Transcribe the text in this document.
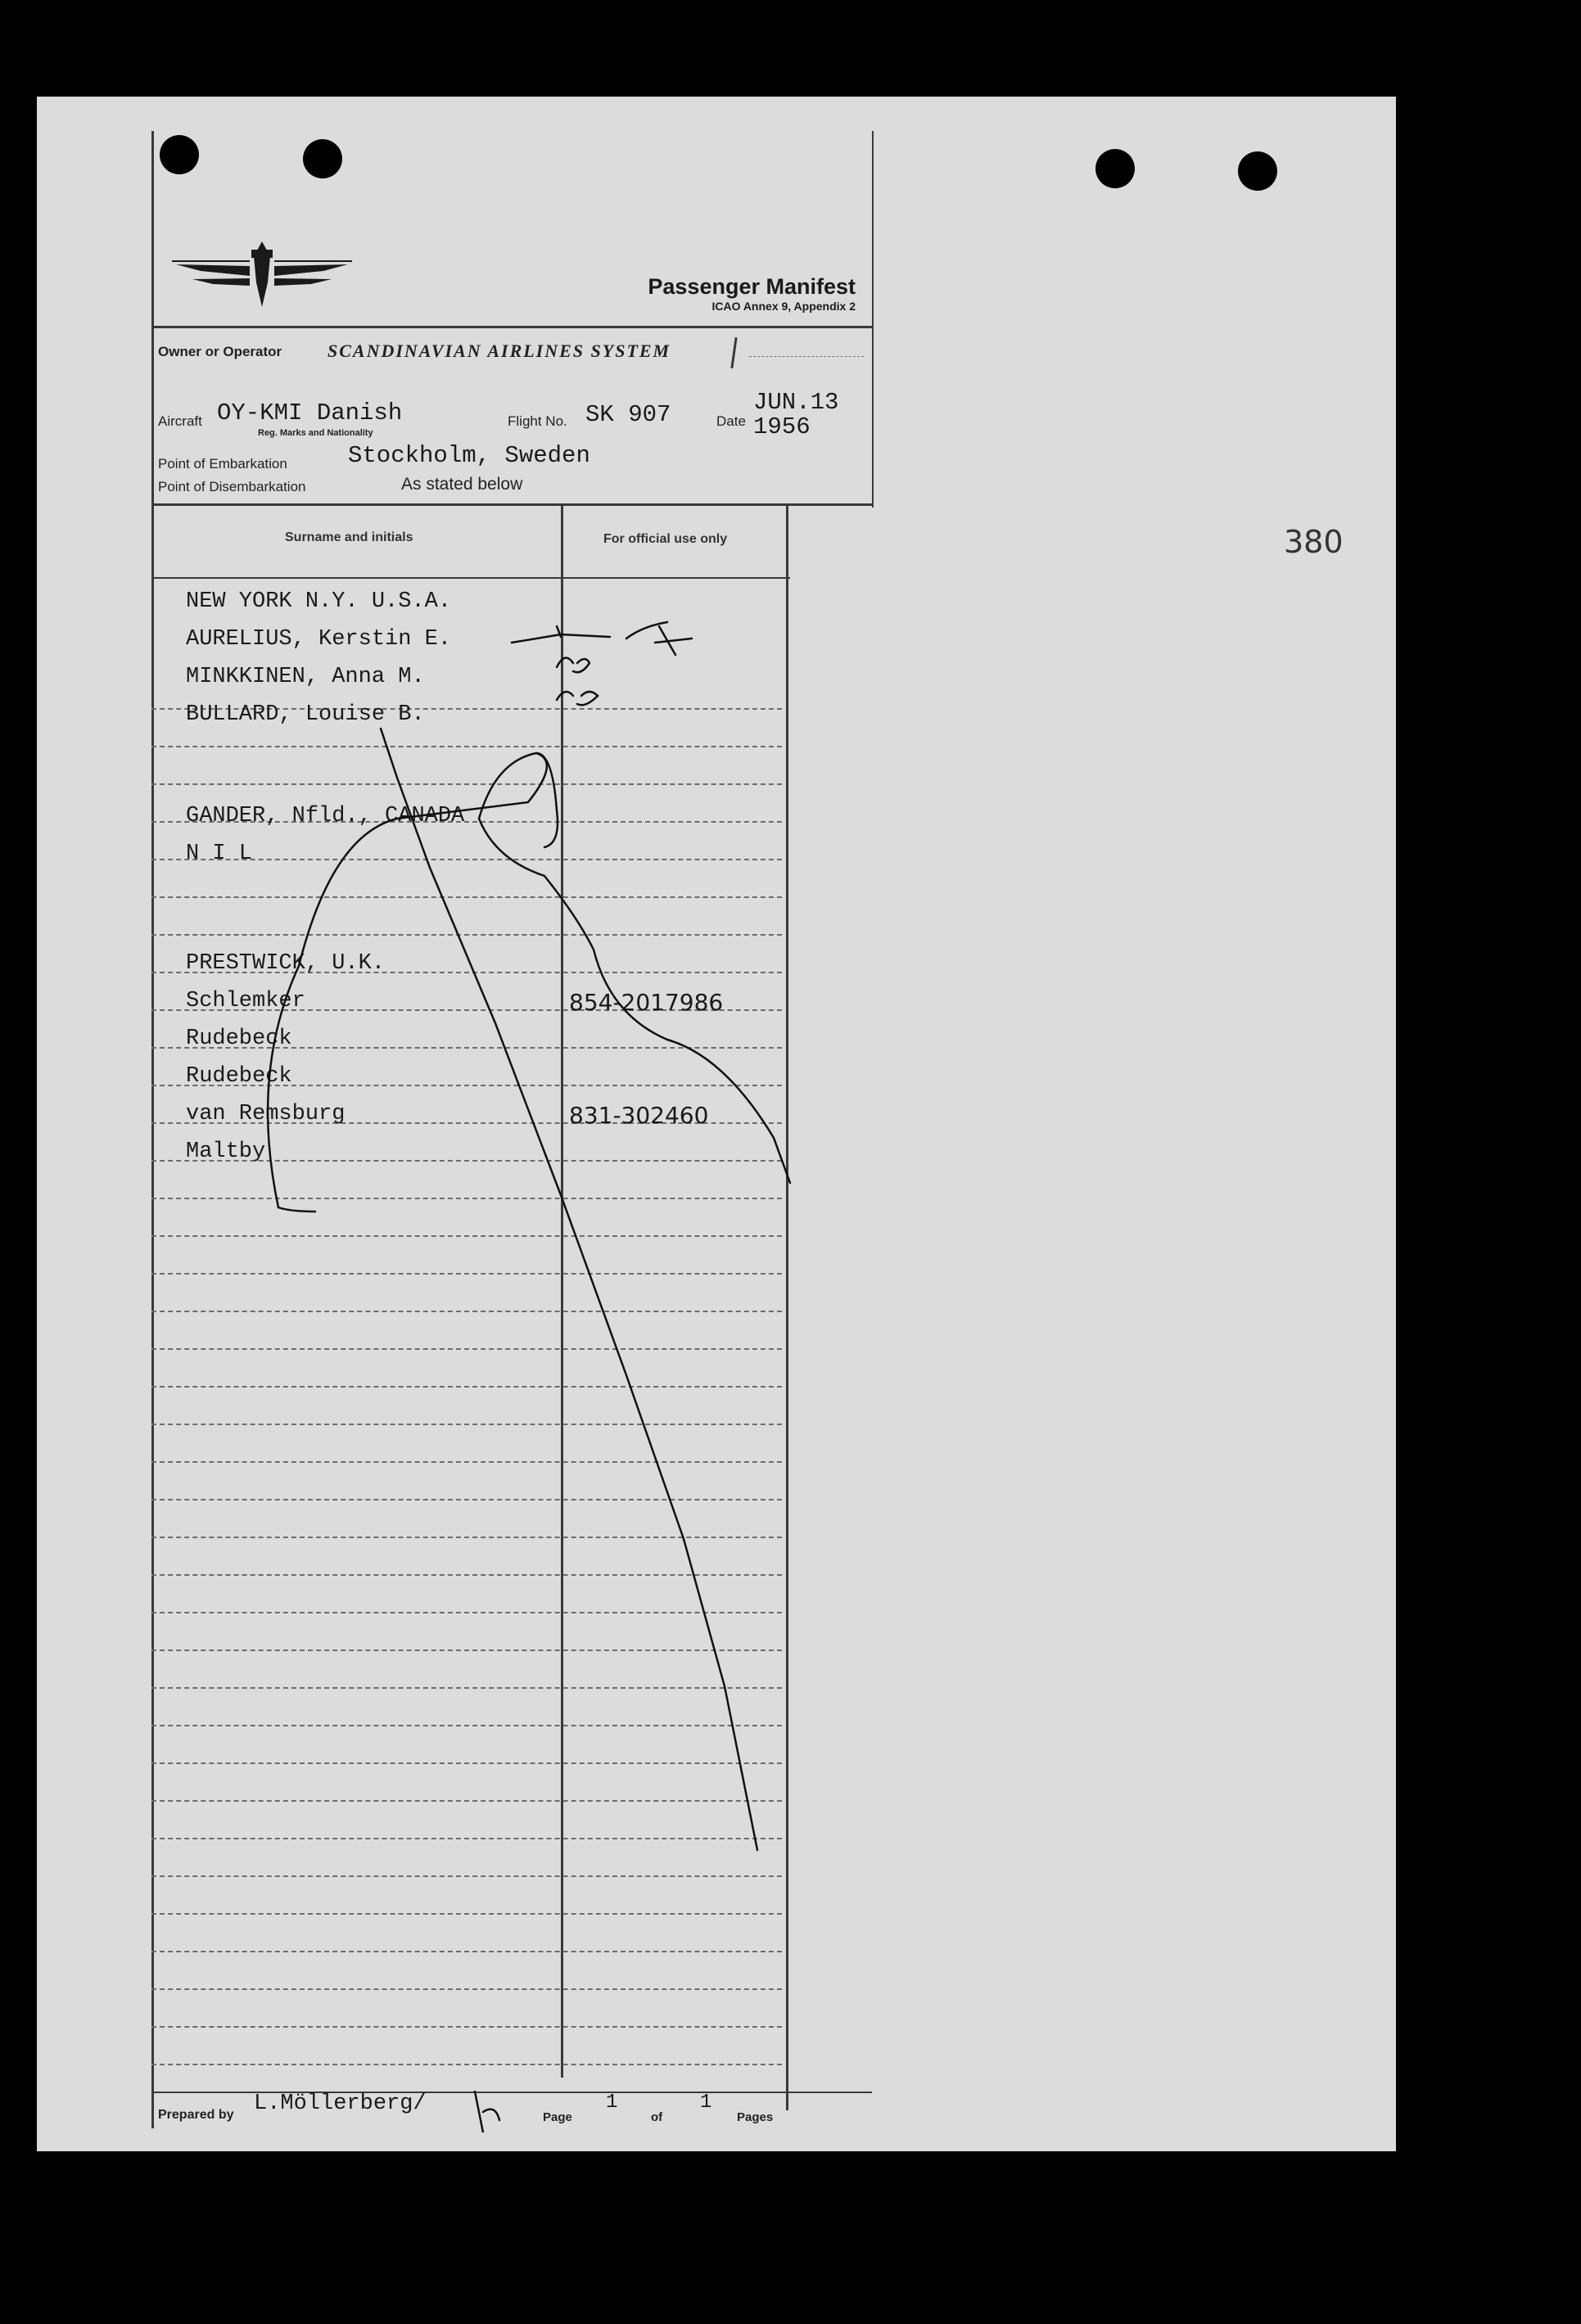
380
Passenger Manifest
ICAO Annex 9, Appendix 2
Owner or Operator	SCANDINAVIAN AIRLINES SYSTEM
Aircraft OY-KMI Danish
Reg. Marks and Nationality
Flight No. SK 907	Date
JUN.13
1956
Point of Embarkation	Stockholm, Sweden
Point of Disembarkation	As stated below
Surname and initials	For official use only
NEW YORK N.Y. U.S.A.
AURELIUS, Kerstin E.
MINKKINEN, Anna M.
BULLARD, Louise B.
GANDER, Nfld., CANADA
N I L
PRESTWICK, U.K.
Schlemker	854-2017986
Rudebeck
Rudebeck
van Remsburg	831-302460
Maltby
Prepared by L.Möllerberg/
Page
1
of
1
Pages
